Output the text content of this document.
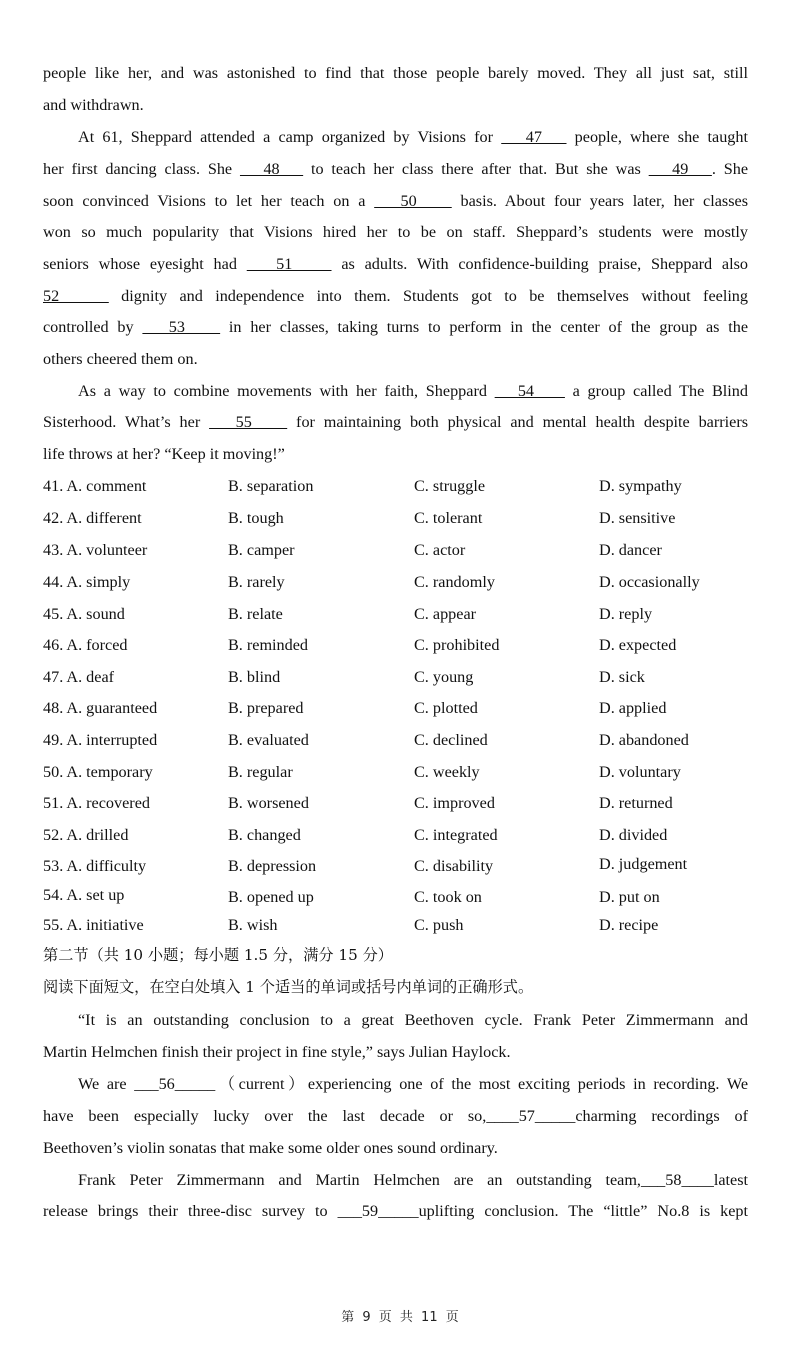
people like her, and was astonished to find that those people barely moved. They all just sat, still
and withdrawn.
At 61, Sheppard attended a camp organized by Visions for    47    people, where she taught
her first dancing class. She    48    to teach her class there after that. But she was    49   . She
soon convinced Visions to let her teach on a    50     basis. About four years later, her classes
won so much popularity that Visions hired her to be on staff. Sheppard’s students were mostly
seniors whose eyesight had    51     as adults. With confidence-building praise, Sheppard also
52     dignity and independence into them. Students got to be themselves without feeling
controlled by    53     in her classes, taking turns to perform in the center of the group as the
others cheered them on.
As a way to combine movements with her faith, Sheppard    54     a group called The Blind
Sisterhood. What’s her    55     for maintaining both physical and mental health despite barriers
life throws at her? “Keep it moving!”
41. A. comment	B. separation	C. struggle	D. sympathy
42. A. different	B. tough	C. tolerant	D. sensitive
43. A. volunteer	B. camper	C. actor	D. dancer
44. A. simply	B. rarely	C. randomly	D. occasionally
45. A. sound	B. relate	C. appear	D. reply
46. A. forced	B. reminded	C. prohibited	D. expected
47. A. deaf	B. blind	C. young	D. sick
48. A. guaranteed	B. prepared	C. plotted	D. applied
49. A. interrupted	B. evaluated	C. declined	D. abandoned
50. A. temporary	B. regular	C. weekly	D. voluntary
51. A. recovered	B. worsened	C. improved	D. returned
52. A. drilled	B. changed	C. integrated	D. divided
53. A. difficulty	B. depression	C. disability	D. judgement
54. A. set up	B. opened up	C. took on	D. put on
55. A. initiative	B. wish	C. push	D. recipe
第二节（共 10 小题；每小题 1.5 分，满分 15 分）
阅读下面短文，在空白处填入 1 个适当的单词或括号内单词的正确形式。
“It is an outstanding conclusion to a great Beethoven cycle. Frank Peter Zimmermann and
Martin Helmchen finish their project in fine style,” says Julian Haylock.
We are ___56_____（current）experiencing one of the most exciting periods in recording. We
have been especially lucky over the last decade or so,____57_____charming recordings of
Beethoven’s violin sonatas that make some older ones sound ordinary.
Frank Peter Zimmermann and Martin Helmchen are an outstanding team,___58____latest
release brings their three-disc survey to ___59_____uplifting conclusion. The “little” No.8 is kept
第 9 页 共 11 页
